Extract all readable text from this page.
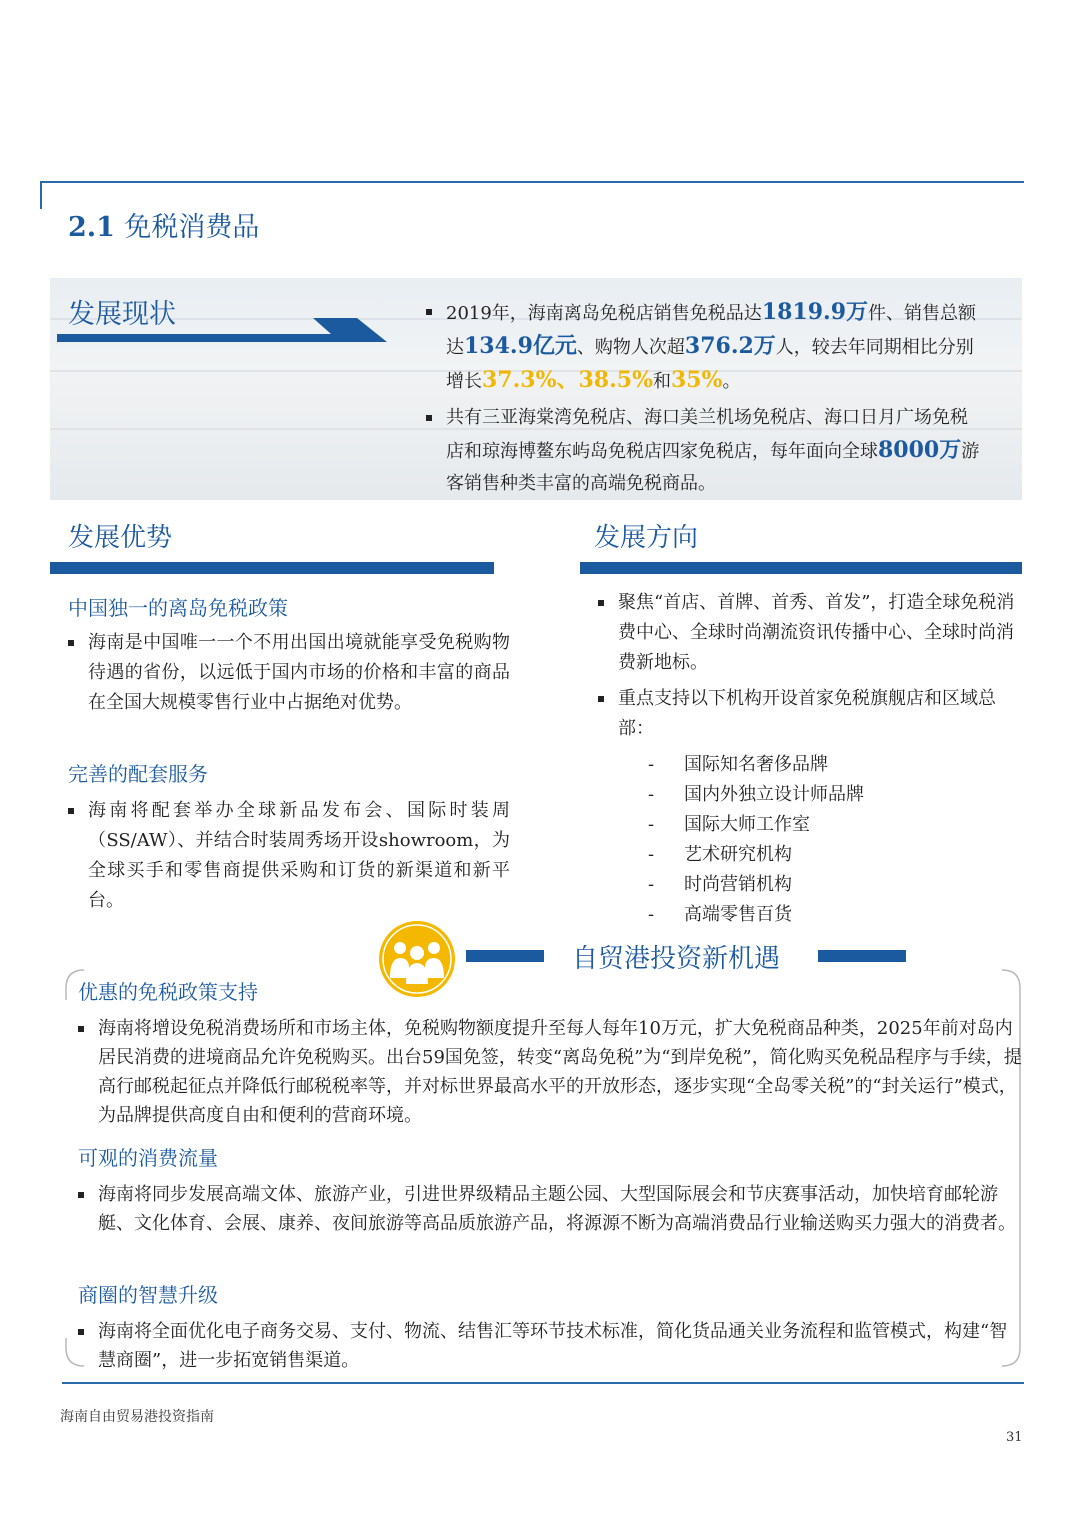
2.1 免税消费品
发展现状	2019年，海南离岛免税店销售免税品达1819.9万件、销售总额达134.9亿元、购物人次超376.2万人，较去年同期相比分别增长37.3%、38.5%和35%。
共有三亚海棠湾免税店、海口美兰机场免税店、海口日月广场免税店和琼海博鳌东屿岛免税店四家免税店，每年面向全球8000万游客销售种类丰富的高端免税商品。
发展优势
中国独一的离岛免税政策
海南是中国唯一一个不用出国出境就能享受免税购物待遇的省份，以远低于国内市场的价格和丰富的商品在全国大规模零售行业中占据绝对优势。
完善的配套服务
海南将配套举办全球新品发布会、国际时装周（SS/AW）、并结合时装周秀场开设showroom，为全球买手和零售商提供采购和订货的新渠道和新平台。
发展方向
聚焦“首店、首牌、首秀、首发”，打造全球免税消费中心、全球时尚潮流资讯传播中心、全球时尚消费新地标。
重点支持以下机构开设首家免税旗舰店和区域总部：
- 国际知名奢侈品牌
- 国内外独立设计师品牌
- 国际大师工作室
- 艺术研究机构
- 时尚营销机构
- 高端零售百货
自贸港投资新机遇
优惠的免税政策支持
海南将增设免税消费场所和市场主体，免税购物额度提升至每人每年10万元，扩大免税商品种类，2025年前对岛内居民消费的进境商品允许免税购买。出台59国免签，转变“离岛免税”为“到岸免税”，简化购买免税品程序与手续，提高行邮税起征点并降低行邮税税率等，并对标世界最高水平的开放形态，逐步实现“全岛零关税”的“封关运行”模式，为品牌提供高度自由和便利的营商环境。
可观的消费流量
海南将同步发展高端文体、旅游产业，引进世界级精品主题公园、大型国际展会和节庆赛事活动，加快培育邮轮游艇、文化体育、会展、康养、夜间旅游等高品质旅游产品，将源源不断为高端消费品行业输送购买力强大的消费者。
商圈的智慧升级
海南将全面优化电子商务交易、支付、物流、结售汇等环节技术标准，简化货品通关业务流程和监管模式，构建“智慧商圈”，进一步拓宽销售渠道。
海南自由贸易港投资指南
31
